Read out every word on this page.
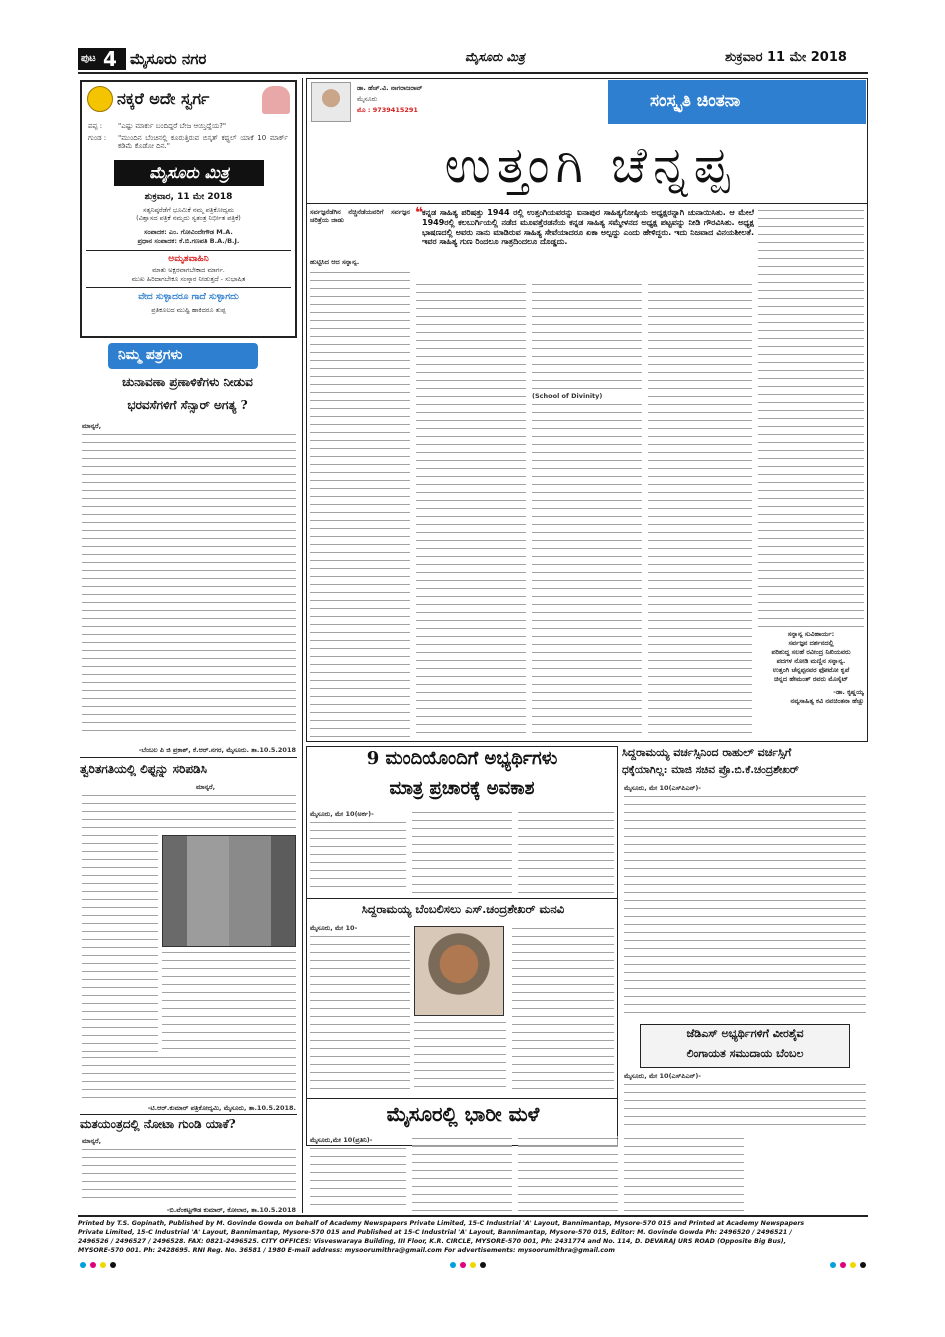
ಪುಟ 4 ಮೈಸೂರು ನಗರ	ಮೈಸೂರು ಮಿತ್ರ	ಶುಕ್ರವಾರ 11 ಮೇ 2018
ನಕ್ಕರೆ ಅದೇ ಸ್ವರ್ಗ
ಪಪ್ಪ :	"ಎಷ್ಟು ಮಾರ್ಕು ಬಂದಿದ್ದರೆ ಬೇಜ ಆಯ್ತಿದ್ದೆಯ?"
ಗುಂಡ :	"ಮುಂದಿನ ಬೆಂಚಿನಲ್ಲಿ ಕೂರುತ್ತಿರುವ ಬಿಸ್ಕತ್ ಕಥ್ಥಲ್ ಯಾಕೆ 10 ಮಾರ್ಕ್ ಕಡಿಮೆ ಕೊಡೋ ದಿನ."
ಮೈಸೂರು ಮಿತ್ರ
ಶುಕ್ರವಾರ, 11 ಮೇ 2018
ಸತ್ಯನಿಷ್ಠರೆಡೆಗೆ ಭೂಮಿಕೆ ನಮ್ಮ ಪತ್ರಿಕೋದ್ಯಮ
(ವಿಶ್ವಾಸದ ಪತ್ರಿಕೆ ನಮ್ಮದು ಸ್ವತಂತ್ರ ನಿರ್ಭೀತ ಪತ್ರಿಕೆ)
ಸಂಪಾದಕ: ಎಂ. ಗೋವಿಂದೇಗೌಡ M.A.
ಪ್ರಧಾನ ಸಂಪಾದಕ: ಕೆ.ಬಿ.ಗಣಪತಿ B.A./B.J.
ಅಮೃತವಾಹಿನಿ
ಮಾತು ಅಕ್ಷರವಾಗಬೇಕಾದ ಮಾರ್ಗ.
ಮುಖ ಹಿರಿದಾಗಬೇಕೂ ಸಂಸ್ಕಾರ ನೀಡುತ್ತದೆ - ಸುಭಾಷಿತ
ವೇದ ಸುಳ್ಳಾದರೂ ಗಾದೆ ಸುಳ್ಳಾಗದು
ಪ್ರತಿಕೂಲದ ಮುಷ್ಟಿ ಹಾಕಿದರೂ ತುಪ್ಪ
ನಿಮ್ಮ ಪತ್ರಗಳು
ಚುನಾವಣಾ ಪ್ರಣಾಳಿಕೆಗಳು ನೀಡುವ
ಭರವಸೆಗಳಿಗೆ ಸೆನ್ಸಾರ್ ಅಗತ್ಯ ?
ಮಾನ್ಯರೆ,
-ಬೆಂಬಲ ಪಿ ಜಿ ಪ್ರಕಾಶ್, ಕೆ.ಆರ್.ನಗರ, ಮೈಸೂರು. ತಾ.10.5.2018
ತ್ವರಿತಗತಿಯಲ್ಲಿ ಲಿಫ್ಟನ್ನು ಸರಿಪಡಿಸಿ
ಮಾನ್ಯರೆ,
-ಟಿ.ಆರ್.ಕುಮಾರ್ ಪತ್ರಿಕೋದ್ಯಮಿ, ಮೈಸೂರು, ತಾ.10.5.2018.
ಮತಯಂತ್ರದಲ್ಲಿ ನೋಟಾ ಗುಂಡಿ ಯಾಕೆ?
ಮಾನ್ಯರೆ,
-ಬಿ.ವೆಂಕಟ್ಟಗೌಡ ಕುಮಾರ್, ಕೋಲಾರ, ತಾ.10.5.2018
ಡಾ. ಹೆಚ್.ವಿ. ನಾಗರಾಜರಾವ್
ಮೈಸೂರು
ಮೊ : 9739415291	ಸಂಸ್ಕೃತಿ ಚಿಂತನಾ
ಉತ್ತಂಗಿ ಚೆನ್ನಪ್ಪ
ಸರ್ವಜ್ಞನೆಡೆಗಿನ ನೆಚ್ಚಿನೆಡೆಯವರಿಗೆ ಸರ್ವಜ್ಞನ ಚರಿತ್ರೆಯ ಜಾಡು
ಹುಟ್ಟಿಸಿದ ಆದ ಸನ್ನಾನ್ಯ.
ಕನ್ನಡ ಸಾಹಿತ್ಯ ಪರಿಷತ್ತು 1944 ರಲ್ಲಿ ಉತ್ತಂಗಿಯವರನ್ನು ಐನಾಪುರ ಸಾಹಿತ್ಯಗೋಷ್ಠಿಯ ಅಧ್ಯಕ್ಷರನ್ನಾಗಿ ಚುನಾಯಿಸಿತು. ಆ ಮೇಲೆ 1949ರಲ್ಲಿ ಕಲಬುರ್ಗಿಯಲ್ಲಿ ನಡೆದ ಮೂವತ್ತೆರಡನೆಯ ಕನ್ನಡ ಸಾಹಿತ್ಯ ಸಮ್ಮೇಳನದ ಅಧ್ಯಕ್ಷ ಪಟ್ಟವನ್ನು ನೀಡಿ ಗೌರವಿಸಿತು. ಅಧ್ಯಕ್ಷ ಭಾಷಣದಲ್ಲಿ ಅವರು ನಾನು ಮಾಡಿರುವ ಸಾಹಿತ್ಯ ಸೇವೆಯಾದರೂ ಏಕಾ ಅಲ್ಪದ್ದು ಎಂದು ಹೇಳಿದ್ದರು. ಇದು ನಿಜವಾದ ವಿನಯಶೀಲತೆ. ಇವರ ಸಾಹಿತ್ಯ ಗುಣ ರಿಂದಲೂ ಗಾತ್ರದಿಂದಲೂ ದೊಡ್ಡದು.
❝
(School of Divinity)
ಸನ್ನಾನ್ಯ ಸುವಿಹಾರ್ಯ:
ಸರ್ವಜ್ಞನ ದರ್ಶನದಲ್ಲಿ
ಪರಿಶುದ್ಧ ಸಲಹೆ ರವೀಂದ್ರ ನಿಖಿಯವರು
ಪದಗಳ ನೋಡಿ ಮಣ್ಣಿನ ಸನ್ನಾನ್ಯ.
ಉತ್ತಂಗಿ ಚೆನ್ನಪ್ಪನವರ ಫೋಟೋ ಕೃಪೆ
ಚಿನ್ನದ ಹೇಮಂತ್ ರವರು ಮೊಸೈಟ್
-ಡಾ. ಕೃಷ್ಣಯ್ಯ
ನವ್ಯಸಾಹಿತ್ಯ ಕವಿ ನವಚಿಂತನಾ ಹೆಚ್ಚು
9 ಮಂದಿಯೊಂದಿಗೆ ಅಭ್ಯರ್ಥಿಗಳು
ಮಾತ್ರ ಪ್ರಚಾರಕ್ಕೆ ಅವಕಾಶ
ಮೈಸೂರು, ಮೇ 10(ಅರ್ಕ)-
ಸಿದ್ದರಾಮಯ್ಯ ಬೆಂಬಲಿಸಲು ಎಸ್.ಚಂದ್ರಶೇಖರ್ ಮನವಿ
ಮೈಸೂರು, ಮೇ 10-
ಮೈಸೂರಲ್ಲಿ ಭಾರೀ ಮಳೆ
ಮೈಸೂರು,ಮೇ 10(ಪ್ರತಿನಿ)-
ಸಿದ್ದರಾಮಯ್ಯ ವರ್ಚಸ್ಸಿನಿಂದ ರಾಹುಲ್ ವರ್ಚಸ್ಸಿಗೆ
ಧಕ್ಕೆಯಾಗಿಲ್ಲ: ಮಾಜಿ ಸಚಿವ ಪ್ರೊ.ಬಿ.ಕೆ.ಚಂದ್ರಶೇಖರ್
ಮೈಸೂರು, ಮೇ 10(ಎಸ್‌ಪಿಎನ್)-
ಜೆಡಿಎಸ್ ಅಭ್ಯರ್ಥಿಗಳಿಗೆ ವೀರಶೈವ
ಲಿಂಗಾಯತ ಸಮುದಾಯ ಬೆಂಬಲ
ಮೈಸೂರು, ಮೇ 10(ಎಸ್‌ಪಿಎನ್)-
Printed by T.S. Gopinath, Published by M. Govinde Gowda on behalf of Academy Newspapers Private Limited, 15-C Industrial 'A' Layout, Bannimantap, Mysore-570 015 and Printed at Academy Newspapers
Private Limited, 15-C Industrial 'A' Layout, Bannimantap, Mysore-570 015 and Published at 15-C Industrial 'A' Layout, Bannimantap, Mysore-570 015, Editor: M. Govinde Gowda Ph: 2496520 / 2496521 /
2496526 / 2496527 / 2496528. FAX: 0821-2496525. CITY OFFICES: Visveswaraya Building, III Floor, K.R. CIRCLE, MYSORE-570 001, Ph: 2431774 and No. 114, D. DEVARAJ URS ROAD (Opposite Big Bus),
MYSORE-570 001. Ph: 2428695. RNI Reg. No. 36581 / 1980 E-mail address: mysoorumithra@gmail.com For advertisements: mysoorumithra@gmail.com
